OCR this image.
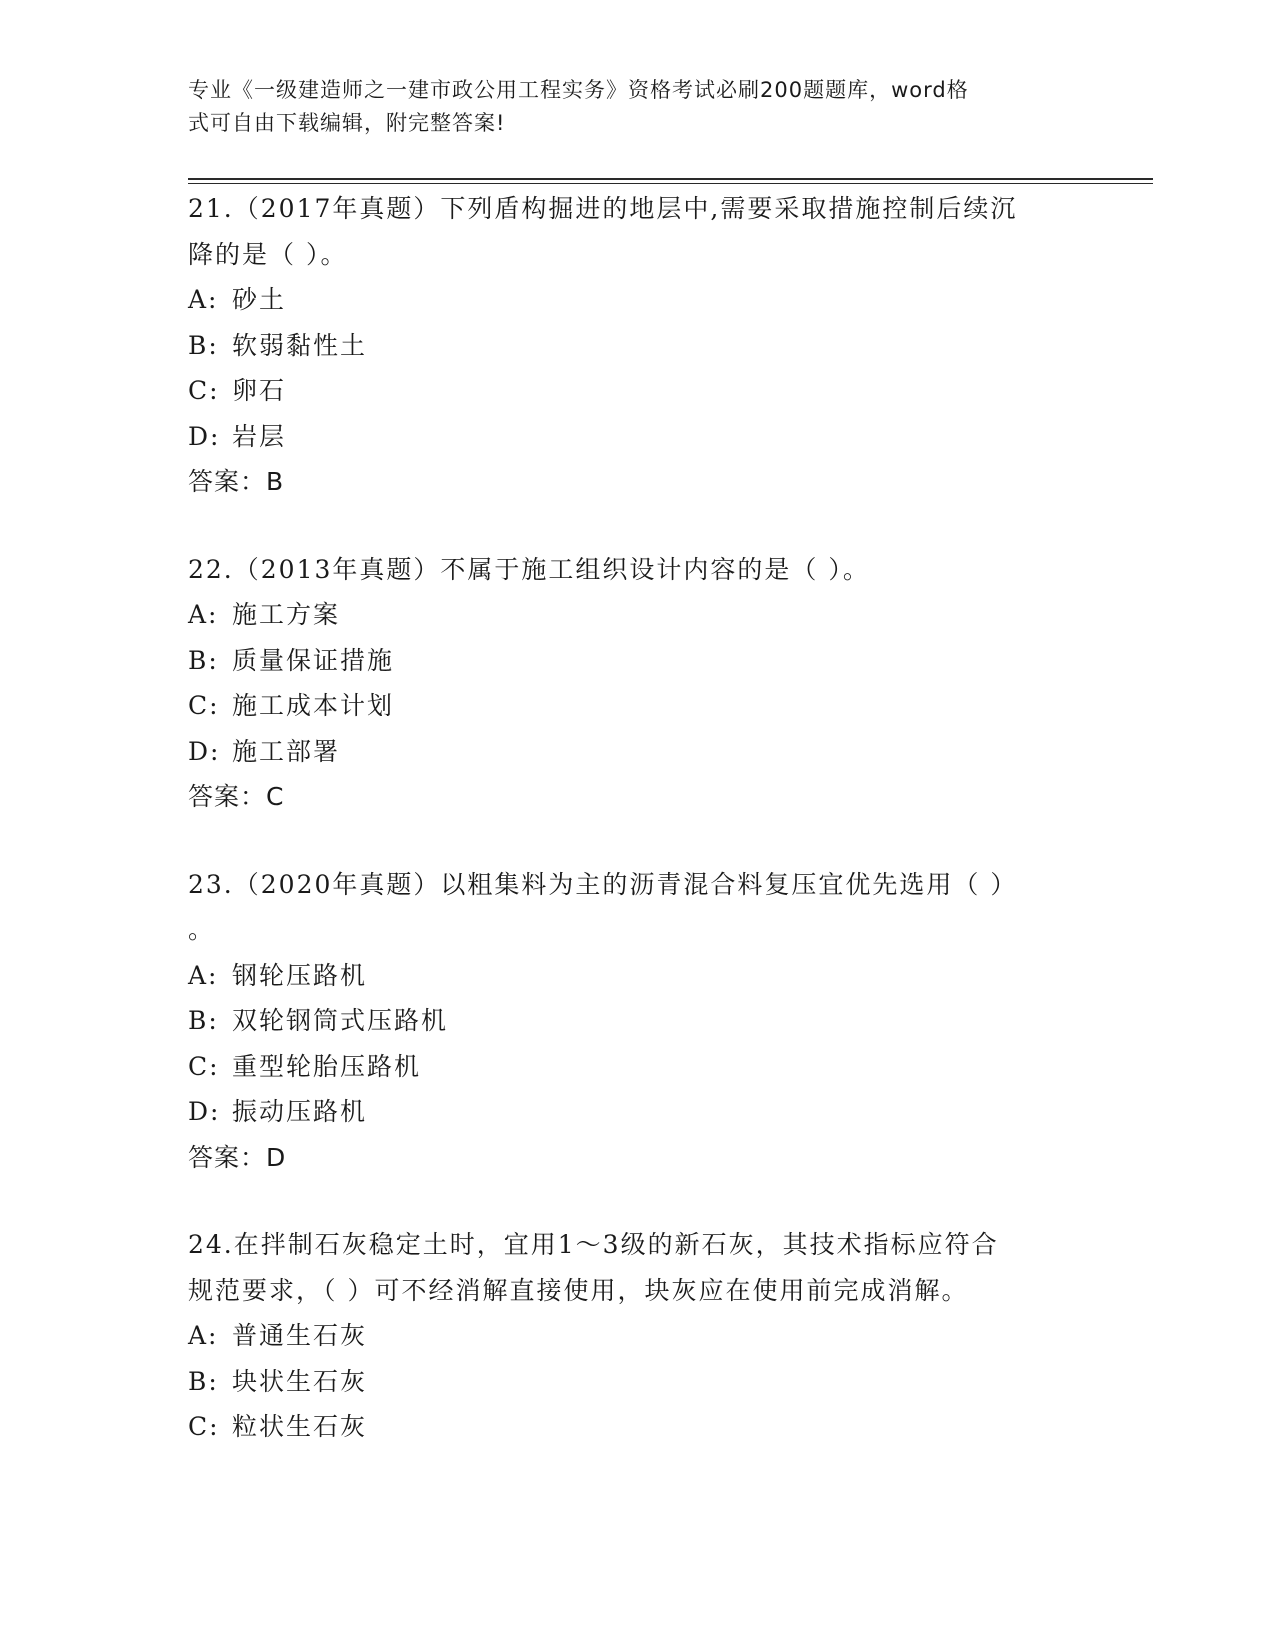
专业《一级建造师之一建市政公用工程实务》资格考试必刷200题题库，word格
式可自由下载编辑，附完整答案!
21.（2017年真题）下列盾构掘进的地层中,需要采取措施控制后续沉
降的是（ ）。
A: 砂土
B: 软弱黏性土
C: 卵石
D: 岩层
答案：B
22.（2013年真题）不属于施工组织设计内容的是（ ）。
A: 施工方案
B: 质量保证措施
C: 施工成本计划
D: 施工部署
答案：C
23.（2020年真题）以粗集料为主的沥青混合料复压宜优先选用（ ）
。
A: 钢轮压路机
B: 双轮钢筒式压路机
C: 重型轮胎压路机
D: 振动压路机
答案：D
24.在拌制石灰稳定土时，宜用1～3级的新石灰，其技术指标应符合
规范要求，（ ）可不经消解直接使用，块灰应在使用前完成消解。
A: 普通生石灰
B: 块状生石灰
C: 粒状生石灰
